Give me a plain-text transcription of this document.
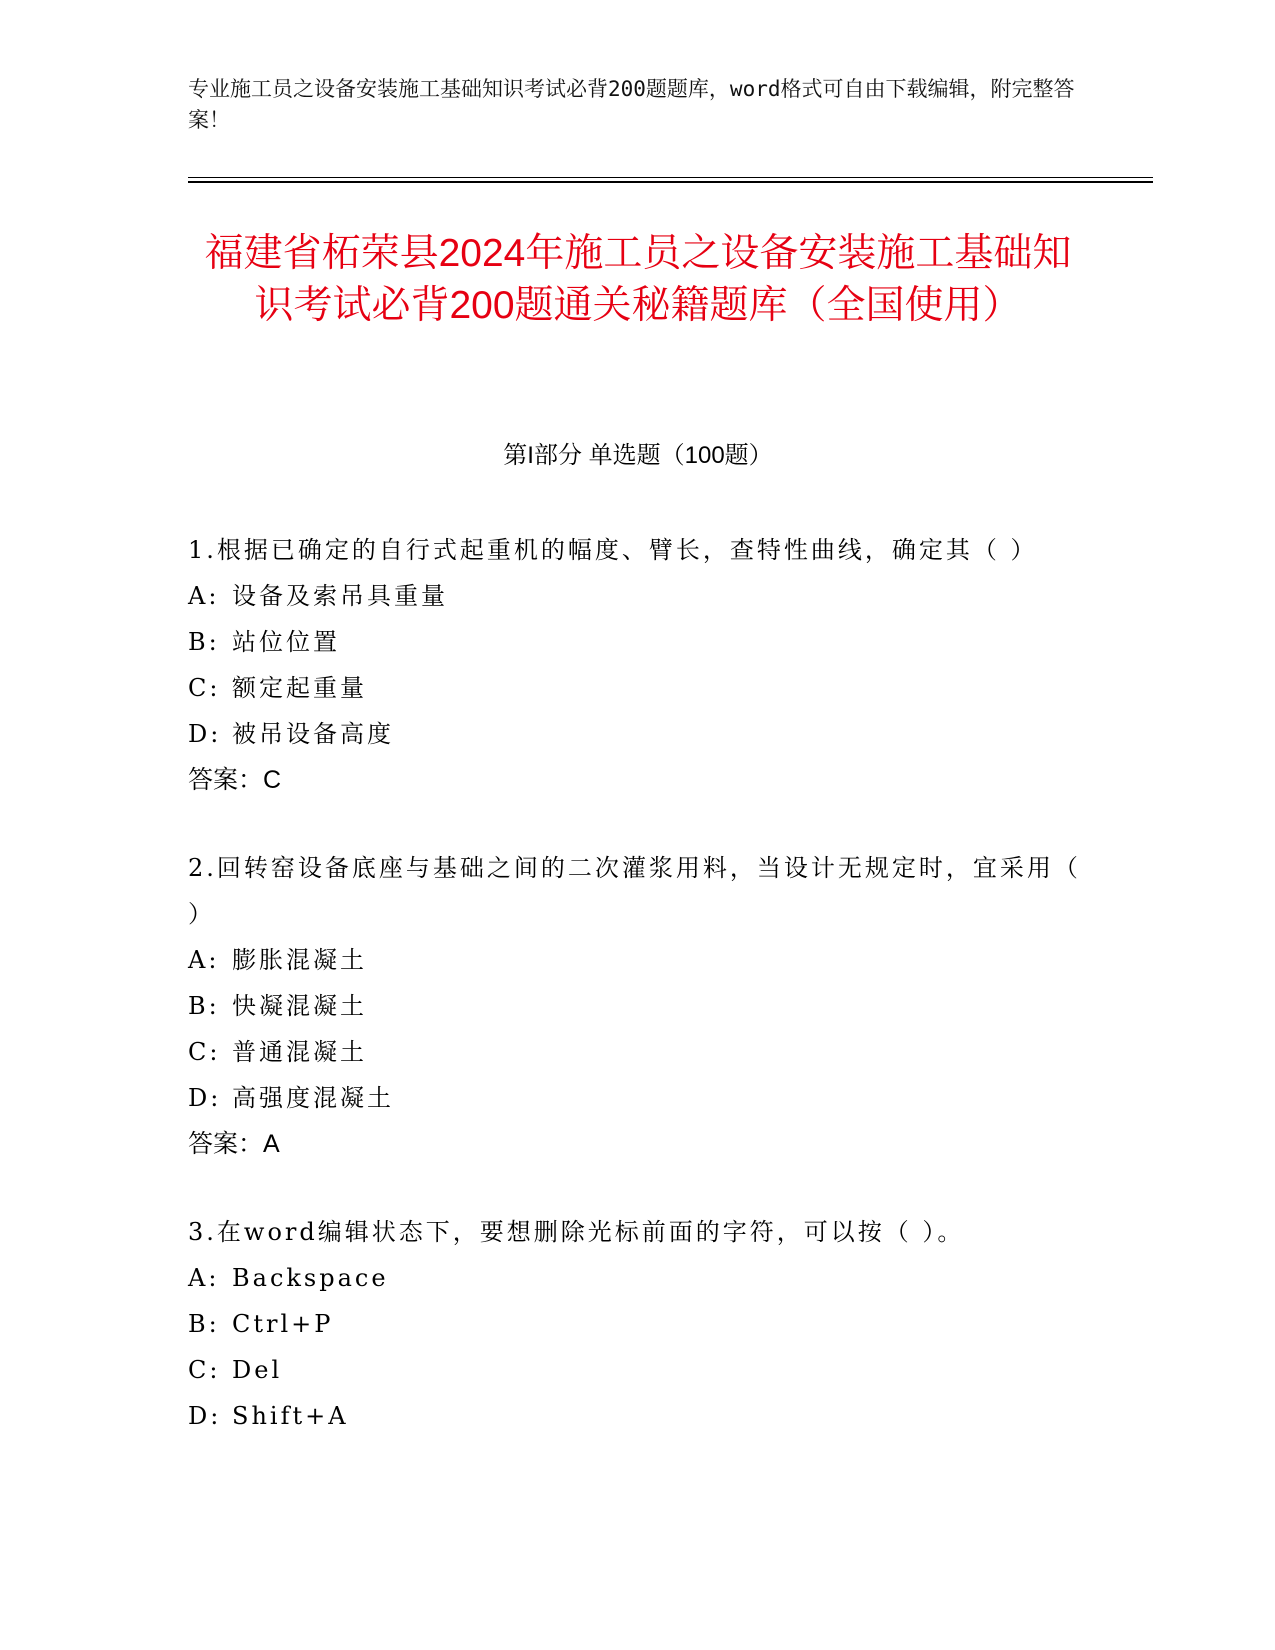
专业施工员之设备安装施工基础知识考试必背200题题库，word格式可自由下载编辑，附完整答案！
福建省柘荣县2024年施工员之设备安装施工基础知识考试必背200题通关秘籍题库（全国使用）
第I部分 单选题（100题）

1.根据已确定的自行式起重机的幅度、臂长，查特性曲线，确定其（ ）

A: 设备及索吊具重量

B: 站位位置

C: 额定起重量

D: 被吊设备高度

答案：C

2.回转窑设备底座与基础之间的二次灌浆用料，当设计无规定时，宜采用（ ）

A: 膨胀混凝土

B: 快凝混凝土

C: 普通混凝土

D: 高强度混凝土

答案：A

3.在word编辑状态下，要想删除光标前面的字符，可以按（ ）。

A: Backspace

B: Ctrl+P

C: Del

D: Shift+A
